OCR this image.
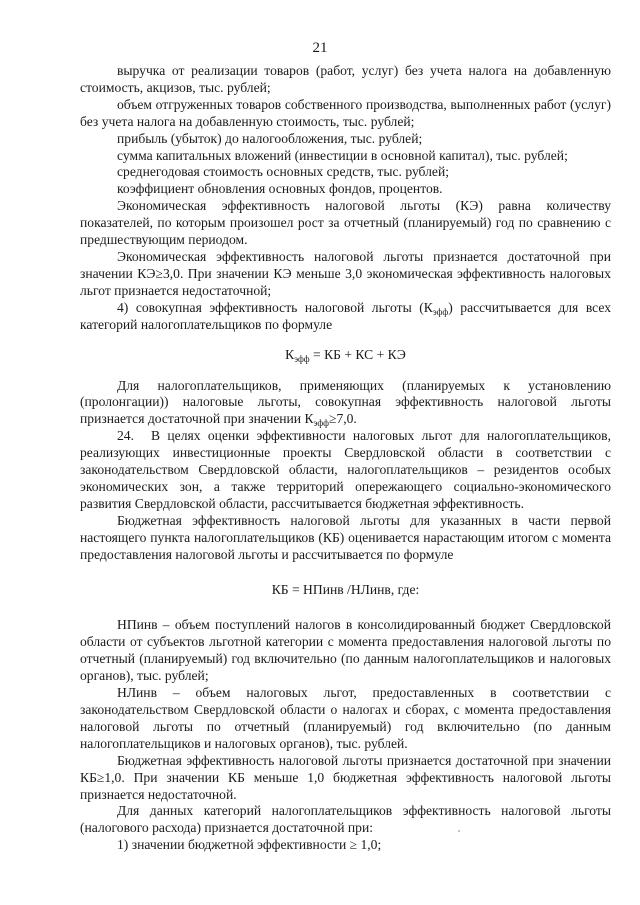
21

выручка от реализации товаров (работ, услуг) без учета налога на добавленную стоимость, акцизов, тыс. рублей;

объем отгруженных товаров собственного производства, выполненных работ (услуг) без учета налога на добавленную стоимость, тыс. рублей;

прибыль (убыток) до налогообложения, тыс. рублей;

сумма капитальных вложений (инвестиции в основной капитал), тыс. рублей;

среднегодовая стоимость основных средств, тыс. рублей;

коэффициент обновления основных фондов, процентов.

Экономическая эффективность налоговой льготы (КЭ) равна количеству показателей, по которым произошел рост за отчетный (планируемый) год по сравнению с предшествующим периодом.

Экономическая эффективность налоговой льготы признается достаточной при значении КЭ≥3,0. При значении КЭ меньше 3,0 экономическая эффективность налоговых льгот признается недостаточной;

4) совокупная эффективность налоговой льготы $(К_{эфф})$ рассчитывается для всех категорий налогоплательщиков по формуле

$К_{эфф}$ = КБ + КС + КЭ

Для налогоплательщиков, применяющих (планируемых к установлению (пролонгации)) налоговые льготы, совокупная эффективность налоговой льготы признается достаточной при значении $К_{эфф}\ge 7,0$.

24. В целях оценки эффективности налоговых льгот для налогоплательщиков, реализующих инвестиционные проекты Свердловской области в соответствии с законодательством Свердловской области, налогоплательщиков – резидентов особых экономических зон, а также территорий опережающего социально-экономического развития Свердловской области, рассчитывается бюджетная эффективность.

Бюджетная эффективность налоговой льготы для указанных в части первой настоящего пункта налогоплательщиков (КБ) оценивается нарастающим итогом с момента предоставления налоговой льготы и рассчитывается по формуле

КБ = НПинв /НЛинв, где:

НПинв – объем поступлений налогов в консолидированный бюджет Свердловской области от субъектов льготной категории с момента предоставления налоговой льготы по отчетный (планируемый) год включительно (по данным налогоплательщиков и налоговых органов), тыс. рублей;

НЛинв – объем налоговых льгот, предоставленных в соответствии с законодательством Свердловской области о налогах и сборах, с момента предоставления налоговой льготы по отчетный (планируемый) год включительно (по данным налогоплательщиков и налоговых органов), тыс. рублей.

Бюджетная эффективность налоговой льготы признается достаточной при значении КБ≥1,0. При значении КБ меньше 1,0 бюджетная эффективность налоговой льготы признается недостаточной.

Для данных категорий налогоплательщиков эффективность налоговой льготы (налогового расхода) признается достаточной при:

1) значении бюджетной эффективности ≥ 1,0;
